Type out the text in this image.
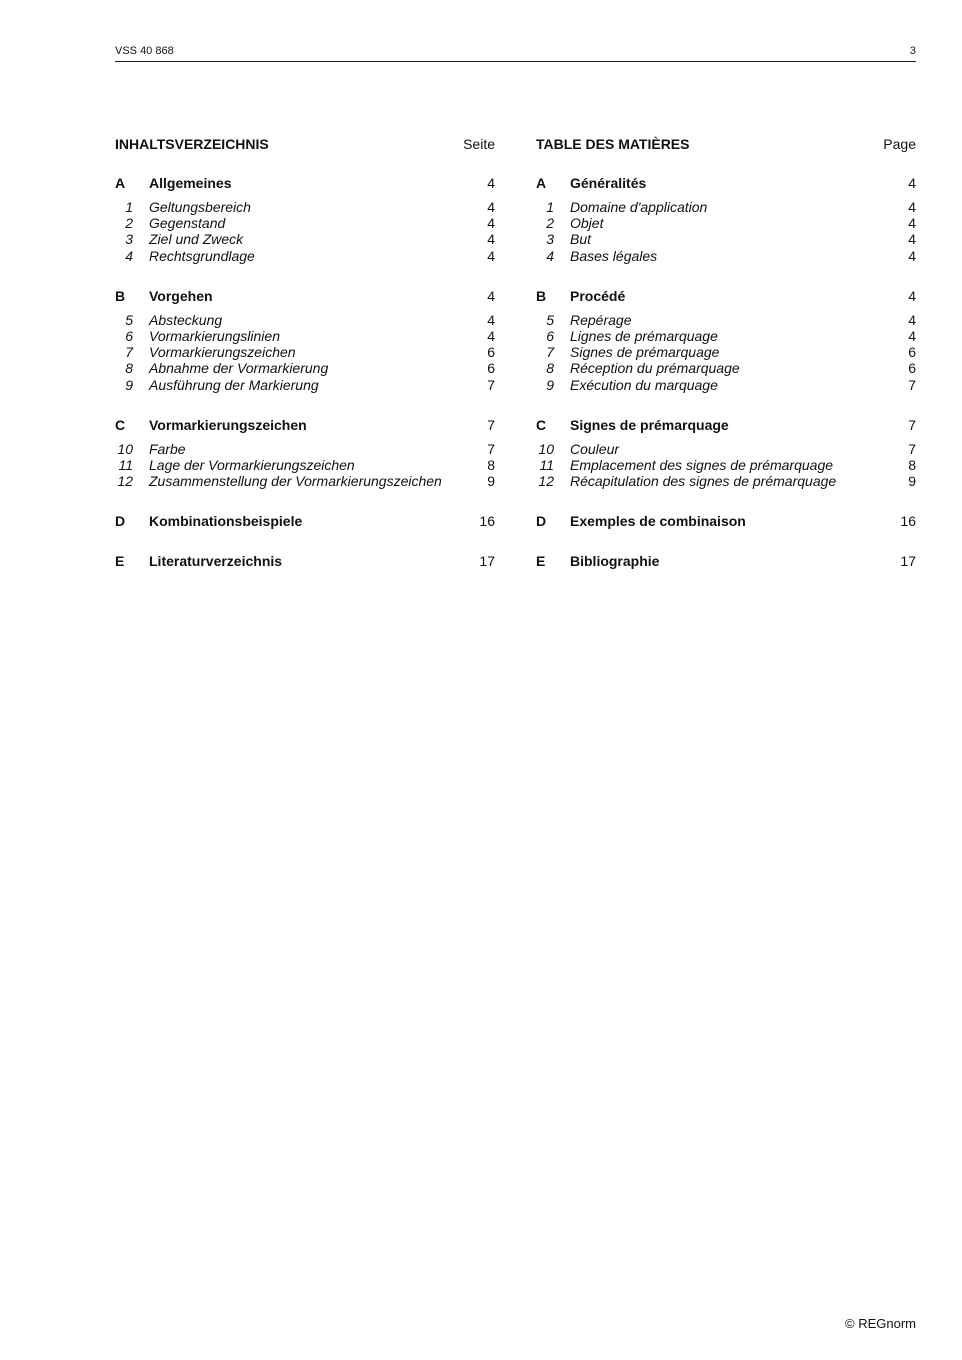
VSS 40 868	3
INHALTSVERZEICHNIS	Seite
A	Allgemeines	4
1 Geltungsbereich	4
2 Gegenstand	4
3 Ziel und Zweck	4
4 Rechtsgrundlage	4
B	Vorgehen	4
5 Absteckung	4
6 Vormarkierungslinien	4
7 Vormarkierungszeichen	6
8 Abnahme der Vormarkierung	6
9 Ausführung der Markierung	7
C	Vormarkierungszeichen	7
10 Farbe	7
11 Lage der Vormarkierungszeichen	8
12 Zusammenstellung der Vormarkierungszeichen	9
D	Kombinationsbeispiele	16
E	Literaturverzeichnis	17
TABLE DES MATIÈRES	Page
A	Généralités	4
1 Domaine d'application	4
2 Objet	4
3 But	4
4 Bases légales	4
B	Procédé	4
5 Repérage	4
6 Lignes de prémarquage	4
7 Signes de prémarquage	6
8 Réception du prémarquage	6
9 Exécution du marquage	7
C	Signes de prémarquage	7
10 Couleur	7
11 Emplacement des signes de prémarquage	8
12 Récapitulation des signes de prémarquage	9
D	Exemples de combinaison	16
E	Bibliographie	17
© REGnorm
